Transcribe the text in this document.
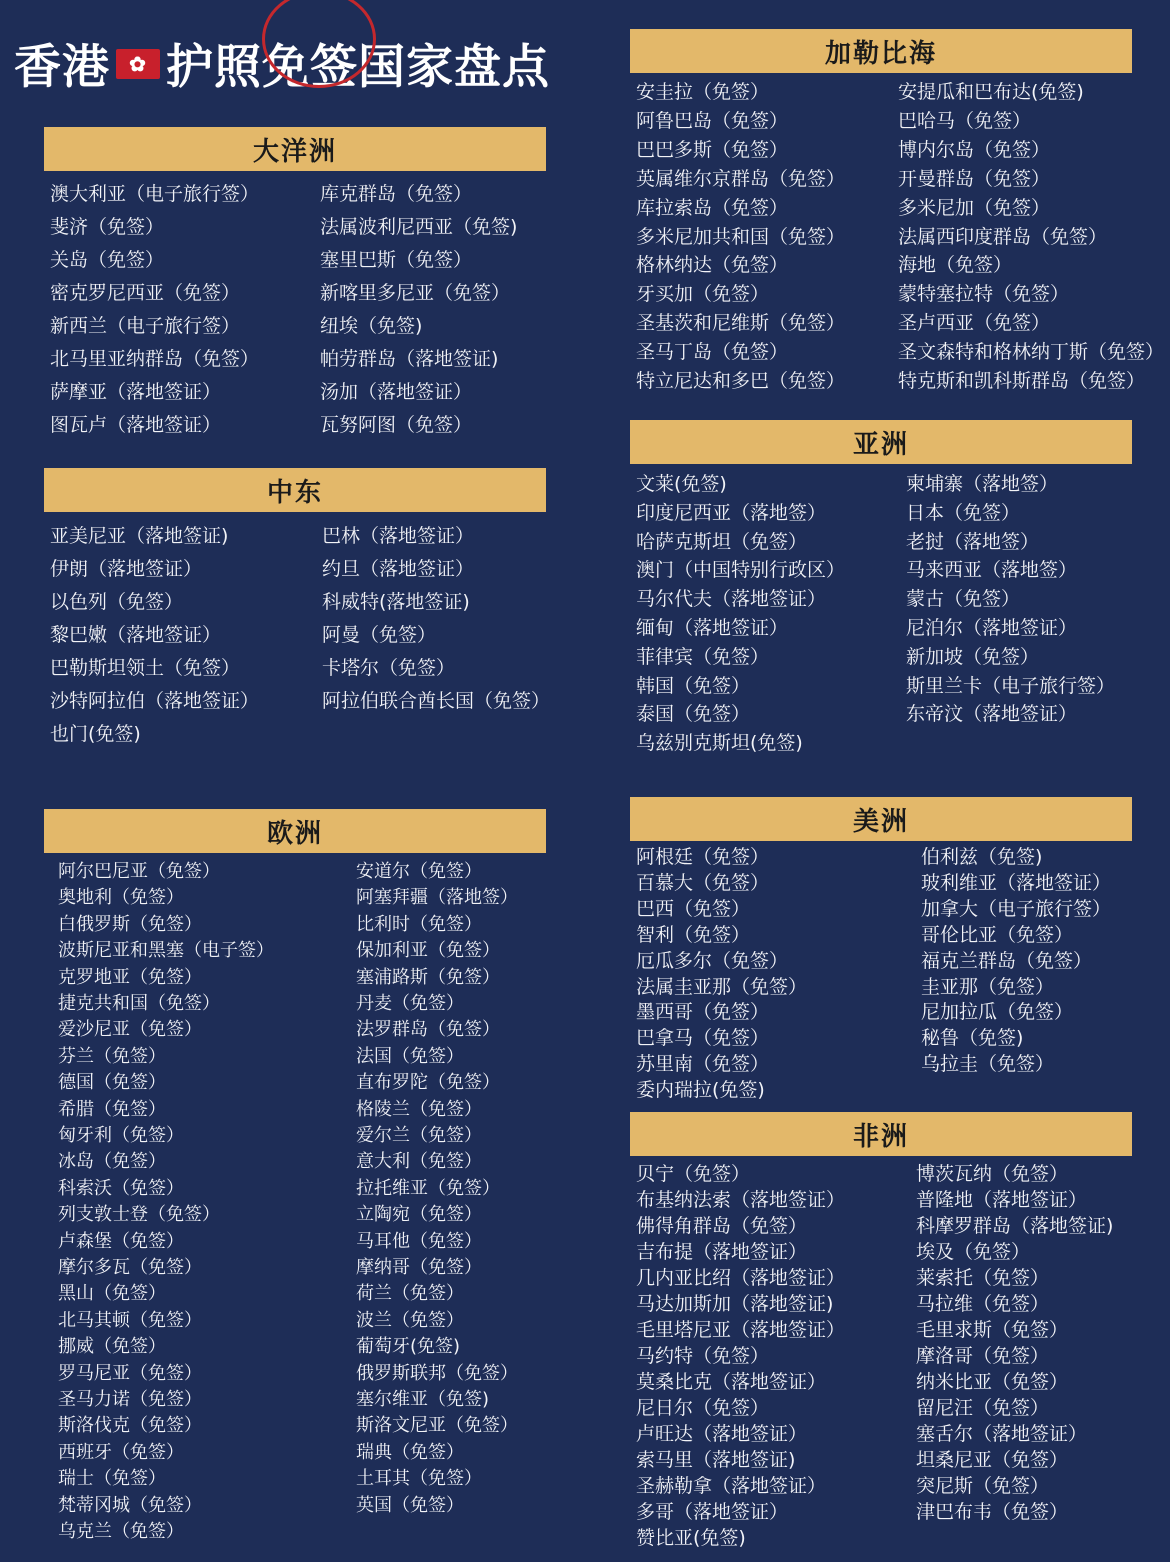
香港 ✿ 护照 免签 国家盘点
大洋洲
中东
欧洲
加勒比海
亚洲
美洲
非洲
澳大利亚（电子旅行签）
斐济（免签）
关岛（免签）
密克罗尼西亚（免签）
新西兰（电子旅行签）
北马里亚纳群岛（免签）
萨摩亚（落地签证）
图瓦卢（落地签证）
库克群岛（免签）
法属波利尼西亚（免签)
塞里巴斯（免签）
新喀里多尼亚（免签）
纽埃（免签)
帕劳群岛（落地签证)
汤加（落地签证）
瓦努阿图（免签）
亚美尼亚（落地签证)
伊朗（落地签证）
以色列（免签）
黎巴嫩（落地签证）
巴勒斯坦领土（免签）
沙特阿拉伯（落地签证）
也门(免签)
巴林（落地签证）
约旦（落地签证）
科威特(落地签证)
阿曼（免签）
卡塔尔（免签）
阿拉伯联合酋长国（免签）
阿尔巴尼亚（免签）
奥地利（免签）
白俄罗斯（免签）
波斯尼亚和黑塞（电子签）
克罗地亚（免签）
捷克共和国（免签）
爱沙尼亚（免签）
芬兰（免签）
德国（免签）
希腊（免签）
匈牙利（免签）
冰岛（免签）
科索沃（免签）
列支敦士登（免签）
卢森堡（免签）
摩尔多瓦（免签）
黑山（免签）
北马其顿（免签）
挪威（免签）
罗马尼亚（免签）
圣马力诺（免签）
斯洛伐克（免签）
西班牙（免签）
瑞士（免签）
梵蒂冈城（免签）
乌克兰（免签）
安道尔（免签）
阿塞拜疆（落地签）
比利时（免签）
保加利亚（免签）
塞浦路斯（免签）
丹麦（免签）
法罗群岛（免签）
法国（免签）
直布罗陀（免签）
格陵兰（免签）
爱尔兰（免签）
意大利（免签）
拉托维亚（免签）
立陶宛（免签）
马耳他（免签）
摩纳哥（免签）
荷兰（免签）
波兰（免签）
葡萄牙(免签)
俄罗斯联邦（免签）
塞尔维亚（免签)
斯洛文尼亚（免签）
瑞典（免签）
土耳其（免签）
英国（免签）
安圭拉（免签）
阿鲁巴岛（免签）
巴巴多斯（免签）
英属维尔京群岛（免签）
库拉索岛（免签）
多米尼加共和国（免签）
格林纳达（免签）
牙买加（免签）
圣基茨和尼维斯（免签）
圣马丁岛（免签）
特立尼达和多巴（免签）
安提瓜和巴布达(免签)
巴哈马（免签）
博内尔岛（免签）
开曼群岛（免签）
多米尼加（免签）
法属西印度群岛（免签）
海地（免签）
蒙特塞拉特（免签）
圣卢西亚（免签）
圣文森特和格林纳丁斯（免签）
特克斯和凯科斯群岛（免签）
文莱(免签)
印度尼西亚（落地签）
哈萨克斯坦（免签）
澳门（中国特别行政区）
马尔代夫（落地签证）
缅甸（落地签证）
菲律宾（免签）
韩国（免签）
泰国（免签）
乌兹别克斯坦(免签)
柬埔寨（落地签）
日本（免签）
老挝（落地签）
马来西亚（落地签）
蒙古（免签）
尼泊尔（落地签证）
新加坡（免签）
斯里兰卡（电子旅行签）
东帝汶（落地签证）
阿根廷（免签）
百慕大（免签）
巴西（免签）
智利（免签）
厄瓜多尔（免签）
法属圭亚那（免签）
墨西哥（免签）
巴拿马（免签）
苏里南（免签）
委内瑞拉(免签)
伯利兹（免签)
玻利维亚（落地签证）
加拿大（电子旅行签）
哥伦比亚（免签）
福克兰群岛（免签）
圭亚那（免签）
尼加拉瓜（免签）
秘鲁（免签)
乌拉圭（免签）
贝宁（免签）
布基纳法索（落地签证）
佛得角群岛（免签）
吉布提（落地签证）
几内亚比绍（落地签证）
马达加斯加（落地签证)
毛里塔尼亚（落地签证）
马约特（免签）
莫桑比克（落地签证）
尼日尔（免签）
卢旺达（落地签证）
索马里（落地签证)
圣赫勒拿（落地签证）
多哥（落地签证）
赞比亚(免签)
博茨瓦纳（免签）
普隆地（落地签证）
科摩罗群岛（落地签证)
埃及（免签）
莱索托（免签）
马拉维（免签）
毛里求斯（免签）
摩洛哥（免签）
纳米比亚（免签）
留尼汪（免签）
塞舌尔（落地签证）
坦桑尼亚（免签）
突尼斯（免签）
津巴布韦（免签）
